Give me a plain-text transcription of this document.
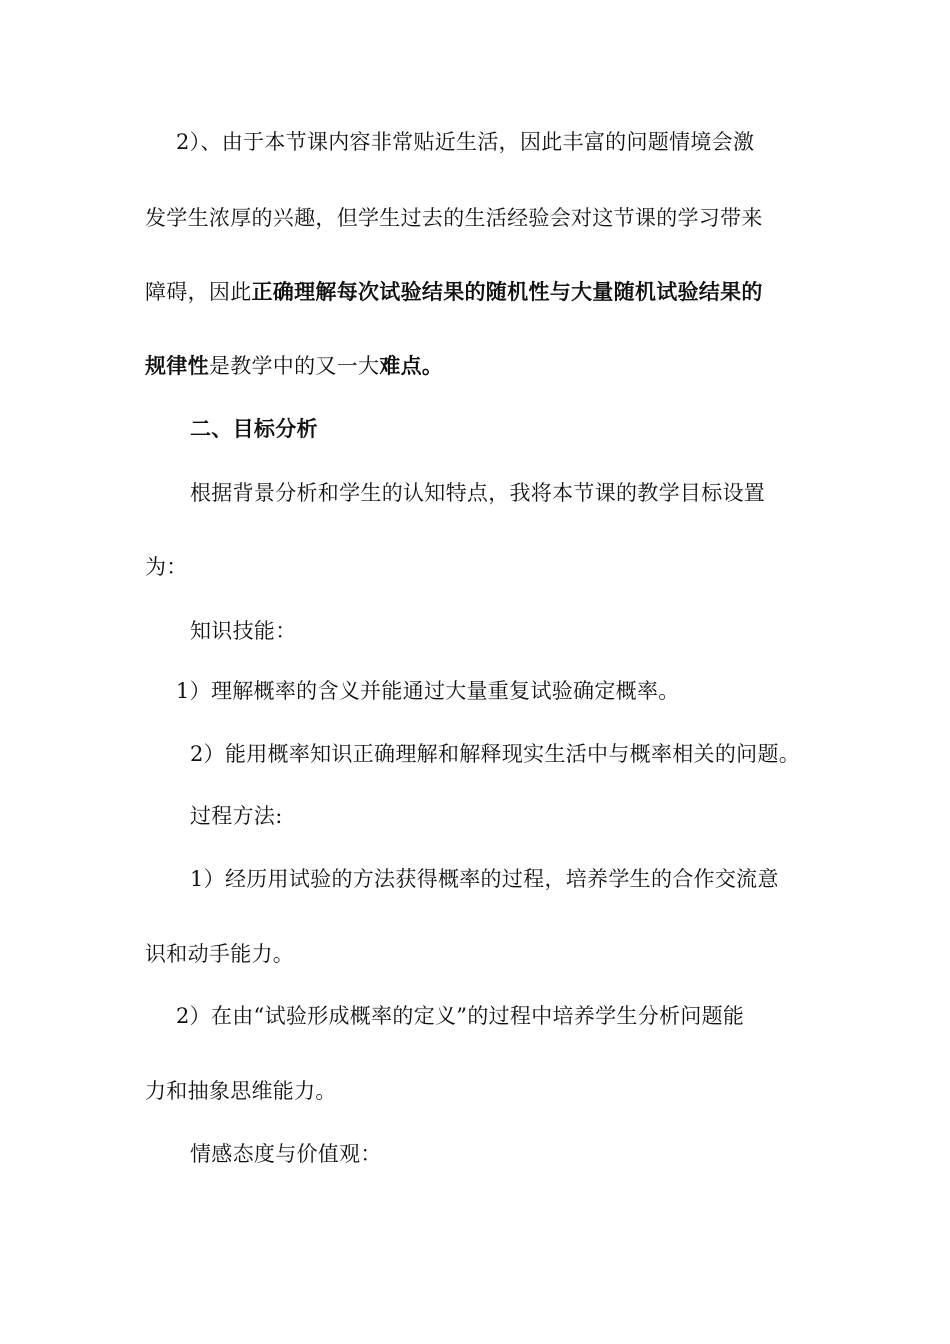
2）、由于本节课内容非常贴近生活，因此丰富的问题情境会激
发学生浓厚的兴趣，但学生过去的生活经验会对这节课的学习带来
障碍，因此正确理解每次试验结果的随机性与大量随机试验结果的
规律性是教学中的又一大难点。
二、目标分析
根据背景分析和学生的认知特点，我将本节课的教学目标设置
为：
知识技能：
1）理解概率的含义并能通过大量重复试验确定概率。
2）能用概率知识正确理解和解释现实生活中与概率相关的问题。
过程方法:
1）经历用试验的方法获得概率的过程，培养学生的合作交流意
识和动手能力。
2）在由“试验形成概率的定义”的过程中培养学生分析问题能
力和抽象思维能力。
情感态度与价值观：
